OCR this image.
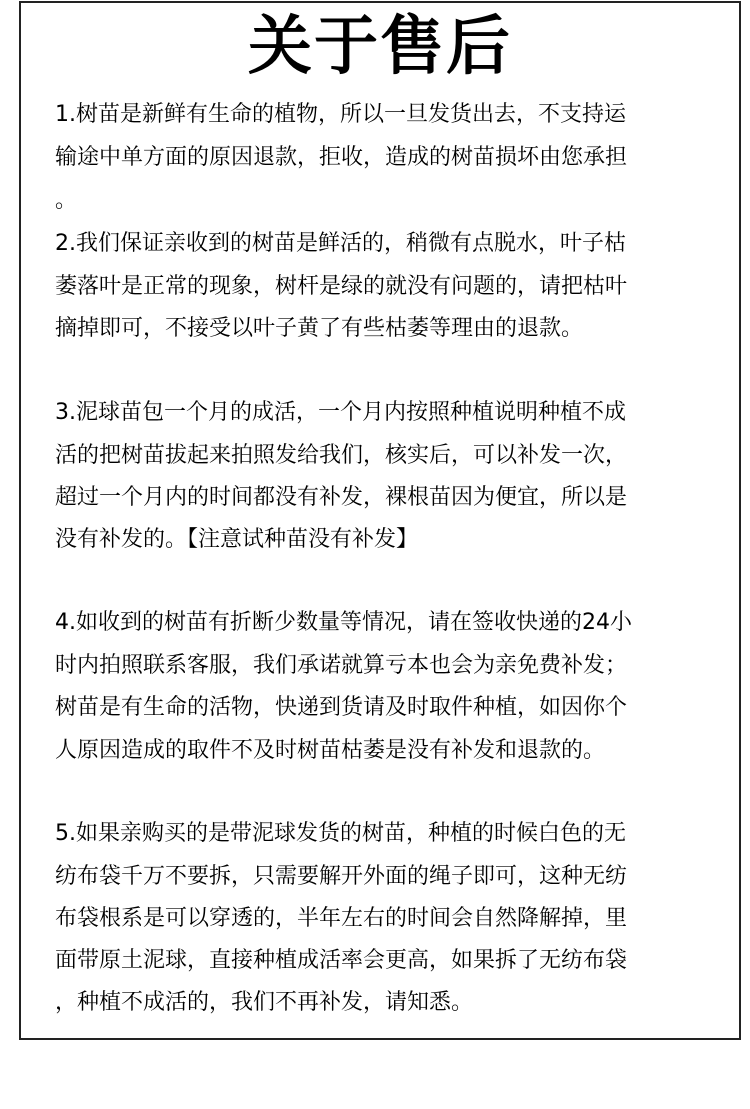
关于售后

1.树苗是新鲜有生命的植物，所以一旦发货出去，不支持运

输途中单方面的原因退款，拒收，造成的树苗损坏由您承担

。

2.我们保证亲收到的树苗是鲜活的，稍微有点脱水，叶子枯

萎落叶是正常的现象，树杆是绿的就没有问题的，请把枯叶

摘掉即可，不接受以叶子黄了有些枯萎等理由的退款。

3.泥球苗包一个月的成活，一个月内按照种植说明种植不成

活的把树苗拔起来拍照发给我们，核实后，可以补发一次，

超过一个月内的时间都没有补发，裸根苗因为便宜，所以是

没有补发的。【注意试种苗没有补发】

4.如收到的树苗有折断少数量等情况，请在签收快递的24小

时内拍照联系客服，我们承诺就算亏本也会为亲免费补发；

树苗是有生命的活物，快递到货请及时取件种植，如因你个

人原因造成的取件不及时树苗枯萎是没有补发和退款的。

5.如果亲购买的是带泥球发货的树苗，种植的时候白色的无

纺布袋千万不要拆，只需要解开外面的绳子即可，这种无纺

布袋根系是可以穿透的，半年左右的时间会自然降解掉，里

面带原土泥球，直接种植成活率会更高，如果拆了无纺布袋

，种植不成活的，我们不再补发，请知悉。
